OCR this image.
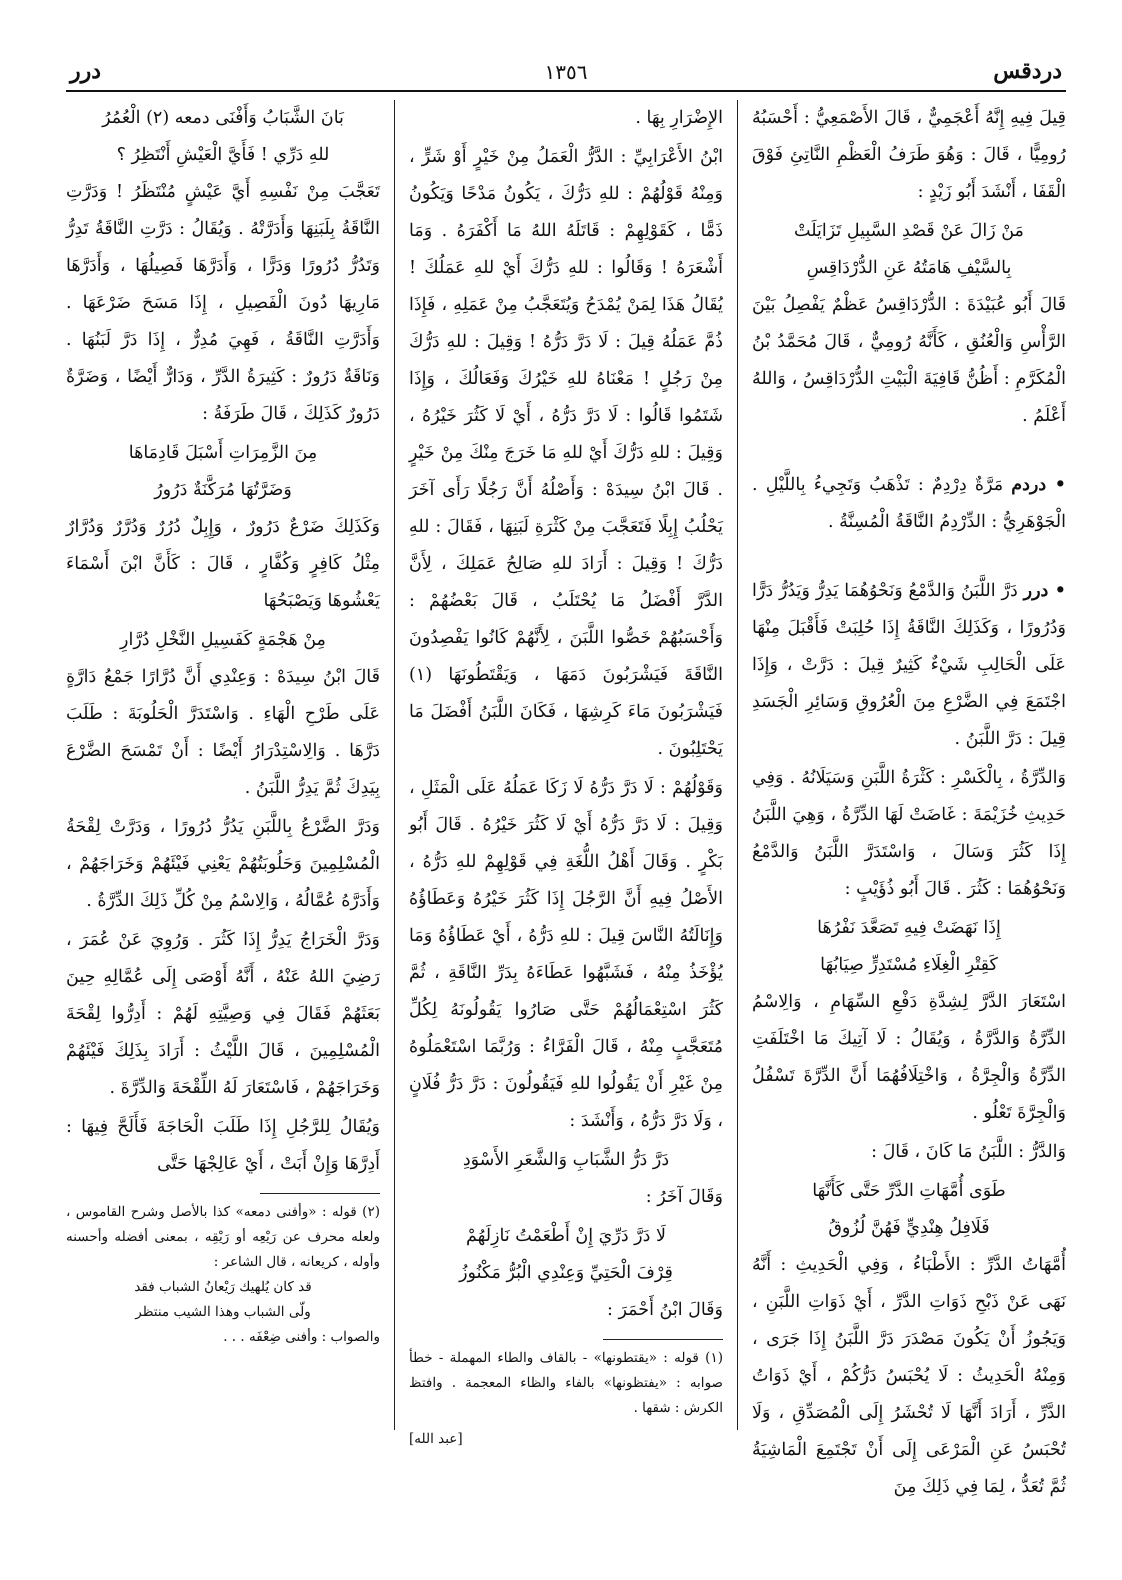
دردقس
١٣٥٦
درر

قِيلَ فِيهِ إِنَّهُ أَعْجَمِيٌّ ، قَالَ الأَصْمَعِيُّ : أَحْسَبُهُ رُومِيًّا ، قَالَ : وَهُوَ طَرَفُ الْعَظْمِ النَّاتِئِ فَوْقَ الْقَفَا ، أَنْشَدَ أَبُو زَيْدٍ :

مَنْ زَالَ عَنْ قَصْدِ السَّبِيلِ تَزَايَلَتْ

بِالسَّيْفِ هَامَتُهُ عَنِ الدُّرْدَاقِسِ

قَالَ أَبُو عُبَيْدَةَ : الدُّرْدَاقِسُ عَظْمٌ يَفْصِلُ بَيْنَ الرَّأْسِ وَالْعُنُقِ ، كَأَنَّهُ رُومِيٌّ ، قَالَ مُحَمَّدُ بْنُ الْمُكَرَّمِ : أَظُنُّ قَافِيَةَ الْبَيْتِ الدُّرْدَاقِسُ ، وَاللهُ أَعْلَمُ .

• دردم مَرَّةٌ دِرْدِمٌ : تَذْهَبُ وَتَجِيءُ بِاللَّيْلِ . الْجَوْهَرِيُّ : الدِّرْدِمُ النَّاقَةُ الْمُسِنَّةُ .

• درر دَرَّ اللَّبَنُ وَالدَّمْعُ وَنَحْوُهُمَا يَدِرُّ وَيَدُرُّ دَرًّا وَدُرُورًا ، وَكَذَلِكَ النَّاقَةُ إِذَا حُلِبَتْ فَأَقْبَلَ مِنْهَا عَلَى الْحَالِبِ شَيْءٌ كَثِيرٌ قِيلَ : دَرَّتْ ، وَإِذَا اجْتَمَعَ فِي الضَّرْعِ مِنَ الْعُرُوقِ وَسَائِرِ الْجَسَدِ قِيلَ : دَرَّ اللَّبَنُ .

وَالدِّرَّةُ ، بِالْكَسْرِ : كَثْرَةُ اللَّبَنِ وَسَيَلَانُهُ . وَفِي حَدِيثِ خُزَيْمَةَ : غَاضَتْ لَهَا الدِّرَّةُ ، وَهِيَ اللَّبَنُ إِذَا كَثُرَ وَسَالَ ، وَاسْتَدَرَّ اللَّبَنُ وَالدَّمْعُ وَنَحْوُهُمَا : كَثُرَ . قَالَ أَبُو ذُؤَيْبٍ :

إِذَا نَهَضَتْ فِيهِ تَصَعَّدَ نَفْرُهَا

كَقِتْرِ الْغِلَاءِ مُسْتَدِرٍّ صِيَابُهَا

اسْتَعَارَ الدَّرَّ لِشِدَّةِ دَفْعِ السِّهَامِ ، وَالِاسْمُ الدِّرَّةُ وَالدَّرَّةُ ، وَيُقَالُ : لَا آتِيكَ مَا اخْتَلَفَتِ الدِّرَّةُ وَالْجِرَّةُ ، وَاخْتِلَافُهُمَا أَنَّ الدِّرَّةَ تَسْفُلُ وَالْجِرَّةَ تَعْلُو .

وَالدَّرُّ : اللَّبَنُ مَا كَانَ ، قَالَ :

طَوَى أُمَّهَاتِ الدَّرِّ حَتَّى كَأَنَّهَا

فَلَافِلُ هِنْدِيٍّ فَهُنَّ لُزُوقُ

أُمَّهَاتُ الدَّرِّ : الأَطْبَاءُ ، وَفِي الْحَدِيثِ : أَنَّهُ نَهَى عَنْ ذَبْحِ ذَوَاتِ الدَّرِّ ، أَيْ ذَوَاتِ اللَّبَنِ ، وَيَجُوزُ أَنْ يَكُونَ مَصْدَرَ دَرَّ اللَّبَنُ إِذَا جَرَى ، وَمِنْهُ الْحَدِيثُ : لَا يُحْبَسُ دَرُّكُمْ ، أَيْ ذَوَاتُ الدَّرِّ ، أَرَادَ أَنَّهَا لَا تُحْشَرُ إِلَى الْمُصَدِّقِ ، وَلَا تُحْبَسُ عَنِ الْمَرْعَى إِلَى أَنْ تَجْتَمِعَ الْمَاشِيَةُ ثُمَّ تُعَدُّ ، لِمَا فِي ذَلِكَ مِنَ

الإِضْرَارِ بِهَا .

ابْنُ الأَعْرَابِيِّ : الدَّرُّ الْعَمَلُ مِنْ خَيْرٍ أَوْ شَرٍّ ، وَمِنْهُ قَوْلُهُمْ : للهِ دَرُّكَ ، يَكُونُ مَدْحًا وَيَكُونُ ذَمًّا ، كَقَوْلِهِمْ : قَاتَلَهُ اللهُ مَا أَكْفَرَهُ . وَمَا أَشْعَرَهُ ! وَقَالُوا : للهِ دَرُّكَ أَيْ للهِ عَمَلُكَ ! يُقَالُ هَذَا لِمَنْ يُمْدَحُ وَيُتَعَجَّبُ مِنْ عَمَلِهِ ، فَإِذَا ذُمَّ عَمَلُهُ قِيلَ : لَا دَرَّ دَرُّهُ ! وَقِيلَ : للهِ دَرُّكَ مِنْ رَجُلٍ ! مَعْنَاهُ للهِ خَيْرُكَ وَفَعَالُكَ ، وَإِذَا شَتَمُوا قَالُوا : لَا دَرَّ دَرُّهُ ، أَيْ لَا كَثُرَ خَيْرُهُ ، وَقِيلَ : للهِ دَرُّكَ أَيْ للهِ مَا خَرَجَ مِنْكَ مِنْ خَيْرٍ . قَالَ ابْنُ سِيدَهْ : وَأَصْلُهُ أَنَّ رَجُلًا رَأَى آخَرَ يَحْلُبُ إِبِلًا فَتَعَجَّبَ مِنْ كَثْرَةِ لَبَنِهَا ، فَقَالَ : للهِ دَرُّكَ ! وَقِيلَ : أَرَادَ للهِ صَالِحُ عَمَلِكَ ، لِأَنَّ الدَّرَّ أَفْضَلُ مَا يُحْتَلَبُ ، قَالَ بَعْضُهُمْ : وَأَحْسَبُهُمْ خَصُّوا اللَّبَنَ ، لِأَنَّهُمْ كَانُوا يَفْصِدُونَ النَّاقَةَ فَيَشْرَبُونَ دَمَهَا ، وَيَقْتَطُونَهَا (١) فَيَشْرَبُونَ مَاءَ كَرِشِهَا ، فَكَانَ اللَّبَنُ أَفْضَلَ مَا يَحْتَلِبُونَ .

وَقَوْلُهُمْ : لَا دَرَّ دَرُّهُ لَا زَكَا عَمَلُهُ عَلَى الْمَثَلِ ، وَقِيلَ : لَا دَرَّ دَرُّهُ أَيْ لَا كَثُرَ خَيْرُهُ . قَالَ أَبُو بَكْرٍ . وَقَالَ أَهْلُ اللُّغَةِ فِي قَوْلِهِمْ للهِ دَرُّهُ ، الأَصْلُ فِيهِ أَنَّ الرَّجُلَ إِذَا كَثُرَ خَيْرُهُ وَعَطَاؤُهُ وَإِنَالَتُهُ النَّاسَ قِيلَ : للهِ دَرُّهُ ، أَيْ عَطَاؤُهُ وَمَا يُؤْخَذُ مِنْهُ ، فَشَبَّهُوا عَطَاءَهُ بِدَرِّ النَّاقَةِ ، ثُمَّ كَثُرَ اسْتِعْمَالُهُمْ حَتَّى صَارُوا يَقُولُونَهُ لِكُلِّ مُتَعَجَّبٍ مِنْهُ ، قَالَ الْفَرَّاءُ : وَرُبَّمَا اسْتَعْمَلُوهُ مِنْ غَيْرِ أَنْ يَقُولُوا للهِ فَيَقُولُونَ : دَرَّ دَرُّ فُلَانٍ ، وَلَا دَرَّ دَرُّهُ ، وَأَنْشَدَ :

دَرَّ دَرُّ الشَّبَابِ وَالشَّعَرِ الأَسْوَدِ

وَقَالَ آخَرُ :

لَا دَرَّ دَرِّيَ إِنْ أَطْعَمْتُ نَازِلَهُمْ

قِرْفَ الْحَتِيِّ وَعِنْدِي الْبُرُّ مَكْنُوزُ

وَقَالَ ابْنُ أَحْمَرَ :

(١) قوله : «يقتطونها» - بالقاف والطاء المهملة - خطأ صوابه : «يفتظونها» بالفاء والظاء المعجمة . وافتظ الكرش : شقها .

[عبد الله]

بَانَ الشَّبَابُ وَأَفْنَى دمعه (٢) الْعُمُرُ

للهِ دَرِّي ! فَأَيَّ الْعَيْشِ أَنْتَظِرُ ؟

تَعَجَّبَ مِنْ نَفْسِهِ أَيَّ عَيْشٍ مُنْتَظَرُ ! وَدَرَّتِ النَّاقَةُ بِلَبَنِهَا وَأَدَرَّتْهُ . وَيُقَالُ : دَرَّتِ النَّاقَةُ تَدِرُّ وَتَدُرُّ دُرُورًا وَدَرًّا ، وَأَدَرَّهَا فَصِيلُهَا ، وَأَدَرَّهَا مَارِيهَا دُونَ الْفَصِيلِ ، إِذَا مَسَحَ ضَرْعَهَا . وَأَدَرَّتِ النَّاقَةُ ، فَهِيَ مُدِرٌّ ، إِذَا دَرَّ لَبَنُهَا . وَنَاقَةٌ دَرُورٌ : كَثِيرَةُ الدَّرِّ ، وَدَارٌّ أَيْضًا ، وَضَرَّةٌ دَرُورٌ كَذَلِكَ ، قَالَ طَرَفَةُ :

مِنَ الزَّمِرَاتِ أَسْبَلَ قَادِمَاهَا

وَضَرَّتُهَا مُرَكَّنَةٌ دَرُورُ

وَكَذَلِكَ ضَرْعٌ دَرُورٌ ، وَإِبِلٌ دُرُرٌ وَدُرَّرٌ وَدُرَّارٌ مِثْلُ كَافِرٍ وَكُفَّارٍ ، قَالَ : كَأَنَّ ابْنَ أَسْمَاءَ يَعْشُوهَا وَيَصْبَحُهَا

مِنْ هَجْمَةٍ كَفَسِيلِ النَّخْلِ دُرَّارِ

قَالَ ابْنُ سِيدَهْ : وَعِنْدِي أَنَّ دُرَّارًا جَمْعُ دَارَّةٍ عَلَى طَرْحِ الْهَاءِ . وَاسْتَدَرَّ الْحَلُوبَةَ : طَلَبَ دَرَّهَا . وَالِاسْتِدْرَارُ أَيْضًا : أَنْ تَمْسَحَ الضَّرْعَ بِيَدِكَ ثُمَّ يَدِرُّ اللَّبَنُ .

وَدَرَّ الضَّرْعُ بِاللَّبَنِ يَدُرُّ دُرُورًا ، وَدَرَّتْ لِقْحَةُ الْمُسْلِمِينَ وَحَلُوبَتُهُمْ يَعْنِي فَيْئَهُمْ وَخَرَاجَهُمْ ، وَأَدَرَّهُ عُمَّالُهُ ، وَالِاسْمُ مِنْ كُلِّ ذَلِكَ الدِّرَّةُ .

وَدَرَّ الْخَرَاجُ يَدِرُّ إِذَا كَثُرَ . وَرُوِيَ عَنْ عُمَرَ ، رَضِيَ اللهُ عَنْهُ ، أَنَّهُ أَوْصَى إِلَى عُمَّالِهِ حِينَ بَعَثَهُمْ فَقَالَ فِي وَصِيَّتِهِ لَهُمْ : أَدِرُّوا لِقْحَةَ الْمُسْلِمِينَ ، قَالَ اللَّيْثُ : أَرَادَ بِذَلِكَ فَيْئَهُمْ وَخَرَاجَهُمْ ، فَاسْتَعَارَ لَهُ اللِّقْحَةَ وَالدِّرَّةَ .

وَيُقَالُ لِلرَّجُلِ إِذَا طَلَبَ الْحَاجَةَ فَأَلَحَّ فِيهَا : أَدِرَّهَا وَإِنْ أَبَتْ ، أَيْ عَالِجْهَا حَتَّى

(٢) قوله : «وأفنى دمعه» كذا بالأصل وشرح القاموس ، ولعله محرف عن رَيْعِه أو رَيْقِه ، بمعنى أفضله وأحسنه وأوله ، كريعانه ، قال الشاعر :

قد كان يُلهيك رَيْعانُ الشباب فقد

ولّى الشباب وهذا الشيب منتظر

والصواب : وأفنى ضِعْفَه . . .
